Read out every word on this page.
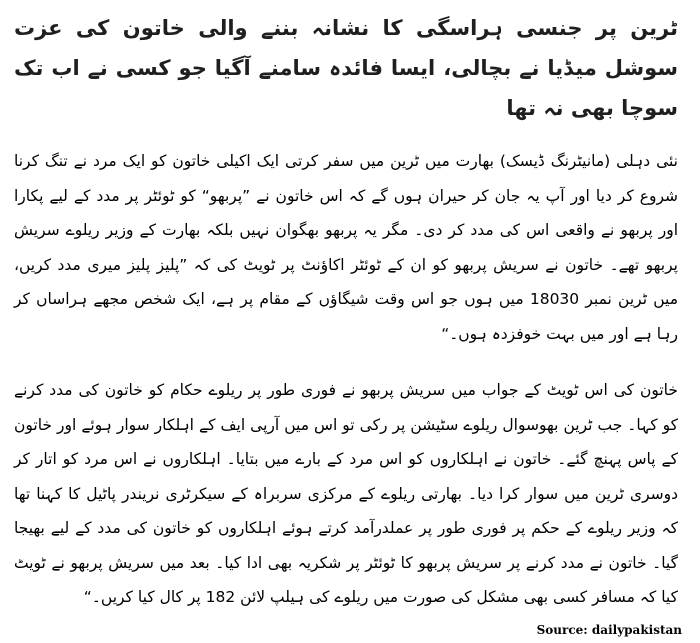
ٹرین پر جنسی ہراسگی کا نشانہ بننے والی خاتون کی عزت سوشل میڈیا نے بچالی، ایسا فائدہ سامنے آگیا جو کسی نے اب تک سوچا بھی نہ تھا

نئی دہلی (مانیٹرنگ ڈیسک) بھارت میں ٹرین میں سفر کرتی ایک اکیلی خاتون کو ایک مرد نے تنگ کرنا شروع کر دیا اور آپ یہ جان کر حیران ہوں گے کہ اس خاتون نے ”پربھو“ کو ٹوئٹر پر مدد کے لیے پکارا اور پربھو نے واقعی اس کی مدد کر دی۔ مگر یہ پربھو بھگوان نہیں بلکہ بھارت کے وزیر ریلوے سریش پربھو تھے۔ خاتون نے سریش پربھو کو ان کے ٹوئٹر اکاﺅنٹ پر ٹویٹ کی کہ ”پلیز پلیز میری مدد کریں، میں ٹرین نمبر 18030 میں ہوں جو اس وقت شیگاﺅں کے مقام پر ہے، ایک شخص مجھے ہراساں کر رہا ہے اور میں بہت خوفزدہ ہوں۔“

خاتون کی اس ٹویٹ کے جواب میں سریش پربھو نے فوری طور پر ریلوے حکام کو خاتون کی مدد کرنے کو کہا۔ جب ٹرین بھوسوال ریلوے سٹیشن پر رکی تو اس میں آرپی ایف کے اہلکار سوار ہوئے اور خاتون کے پاس پہنچ گئے۔ خاتون نے اہلکاروں کو اس مرد کے بارے میں بتایا۔ اہلکاروں نے اس مرد کو اتار کر دوسری ٹرین میں سوار کرا دیا۔ بھارتی ریلوے کے مرکزی سربراہ کے سیکرٹری نریندر پاٹیل کا کہنا تھا کہ وزیر ریلوے کے حکم پر فوری طور پر عملدرآمد کرتے ہوئے اہلکاروں کو خاتون کی مدد کے لیے بھیجا گیا۔ خاتون نے مدد کرنے پر سریش پربھو کا ٹوئٹر پر شکریہ بھی ادا کیا۔ بعد میں سریش پربھو نے ٹویٹ کیا کہ مسافر کسی بھی مشکل کی صورت میں ریلوے کی ہیلپ لائن 182 پر کال کیا کریں۔“

Source: dailypakistan
